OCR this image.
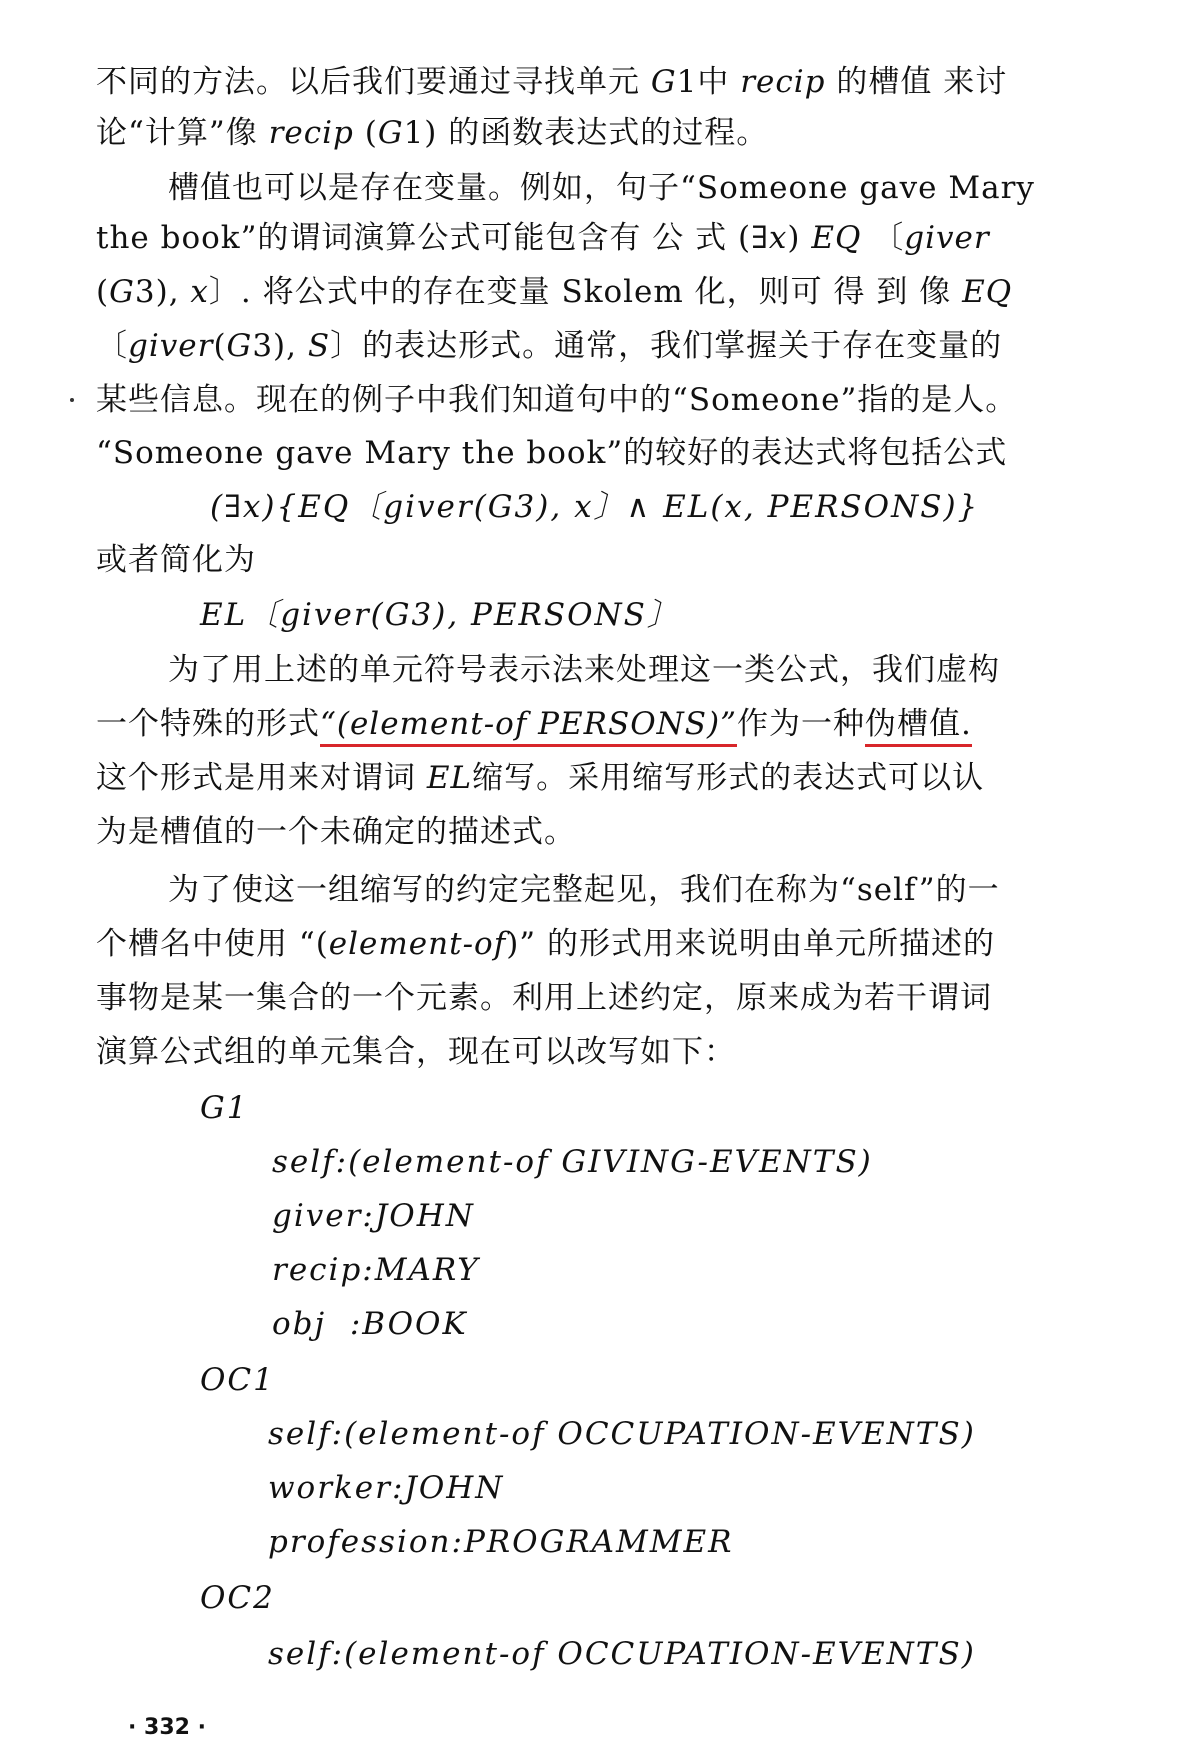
不同的方法。以后我们要通过寻找单元 G1中 recip 的槽值 来讨
论“计算”像 recip (G1) 的函数表达式的过程。
槽值也可以是存在变量。例如，句子“Someone gave Mary
the book”的谓词演算公式可能包含有 公 式 (∃x) EQ 〔giver
(G3), x〕. 将公式中的存在变量 Skolem 化，则可 得 到 像 EQ
〔giver(G3), S〕的表达形式。通常，我们掌握关于存在变量的
某些信息。现在的例子中我们知道句中的“Someone”指的是人。
“Someone gave Mary the book”的较好的表达式将包括公式
(∃x){EQ〔giver(G3), x〕∧ EL(x, PERSONS)}
或者简化为
EL〔giver(G3), PERSONS〕
为了用上述的单元符号表示法来处理这一类公式，我们虚构
一个特殊的形式“(element-of PERSONS)”作为一种伪槽值.
这个形式是用来对谓词 EL缩写。采用缩写形式的表达式可以认
为是槽值的一个未确定的描述式。
为了使这一组缩写的约定完整起见，我们在称为“self”的一
个槽名中使用 “(element-of)” 的形式用来说明由单元所描述的
事物是某一集合的一个元素。利用上述约定，原来成为若干谓词
演算公式组的单元集合，现在可以改写如下：
G1
self:(element-of GIVING-EVENTS)
giver:JOHN
recip:MARY
obj  :BOOK
OC1
self:(element-of OCCUPATION-EVENTS)
worker:JOHN
profession:PROGRAMMER
OC2
self:(element-of OCCUPATION-EVENTS)
· 332 ·
